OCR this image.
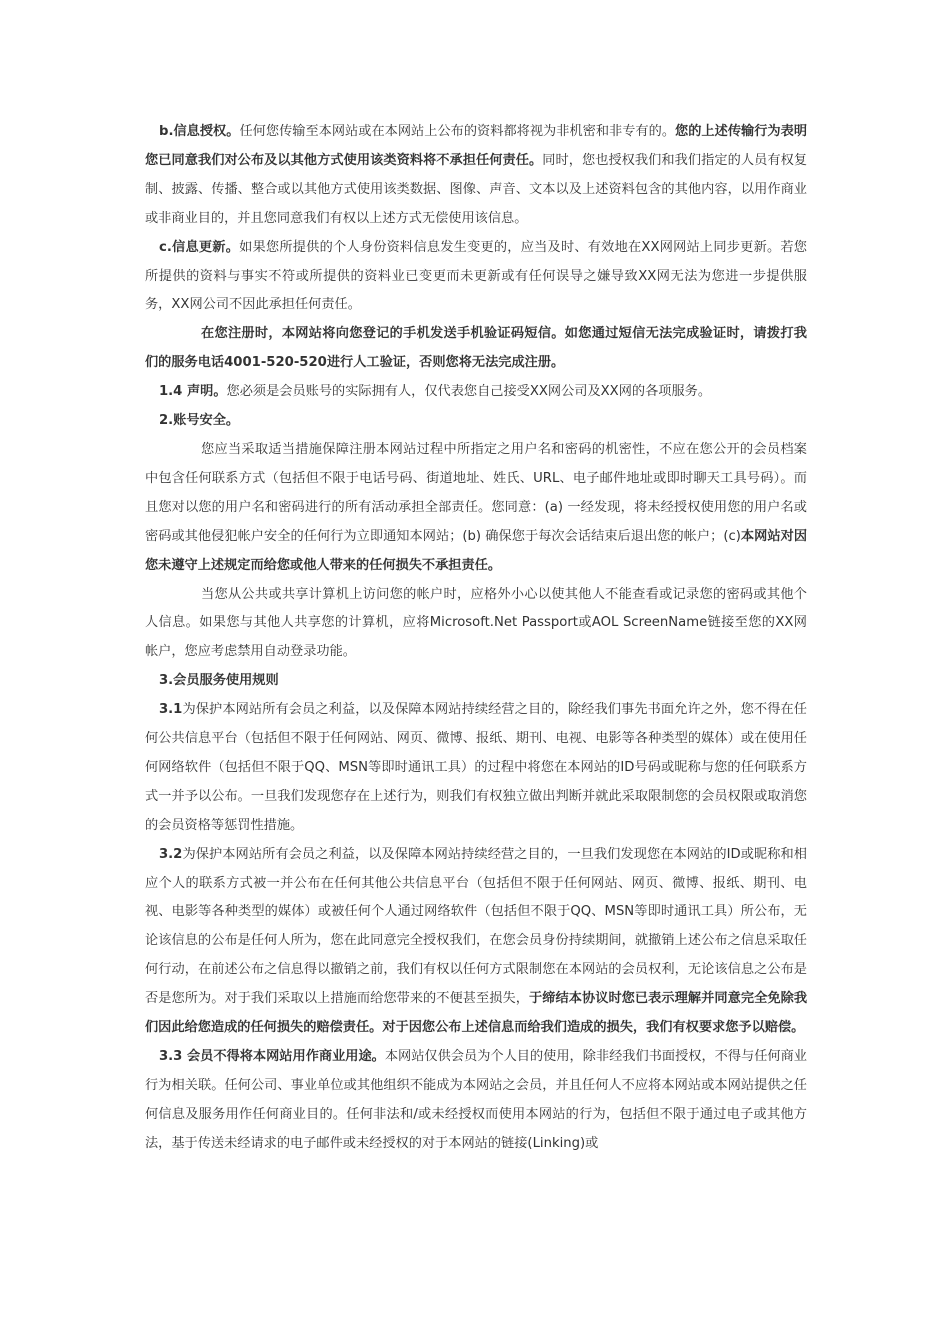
b.信息授权。任何您传输至本网站或在本网站上公布的资料都将视为非机密和非专有的。您的上述传输行为表明您已同意我们对公布及以其他方式使用该类资料将不承担任何责任。同时，您也授权我们和我们指定的人员有权复制、披露、传播、整合或以其他方式使用该类数据、图像、声音、文本以及上述资料包含的其他内容，以用作商业或非商业目的，并且您同意我们有权以上述方式无偿使用该信息。

c.信息更新。如果您所提供的个人身份资料信息发生变更的，应当及时、有效地在XX网网站上同步更新。若您所提供的资料与事实不符或所提供的资料业已变更而未更新或有任何误导之嫌导致XX网无法为您进一步提供服务，XX网公司不因此承担任何责任。

在您注册时，本网站将向您登记的手机发送手机验证码短信。如您通过短信无法完成验证时，请拨打我们的服务电话4001-520-520进行人工验证，否则您将无法完成注册。

1.4 声明。您必须是会员账号的实际拥有人，仅代表您自己接受XX网公司及XX网的各项服务。

2.账号安全。

您应当采取适当措施保障注册本网站过程中所指定之用户名和密码的机密性，不应在您公开的会员档案中包含任何联系方式（包括但不限于电话号码、街道地址、姓氏、URL、电子邮件地址或即时聊天工具号码）。而且您对以您的用户名和密码进行的所有活动承担全部责任。您同意：(a) 一经发现，将未经授权使用您的用户名或密码或其他侵犯帐户安全的任何行为立即通知本网站；(b) 确保您于每次会话结束后退出您的帐户；(c)本网站对因您未遵守上述规定而给您或他人带来的任何损失不承担责任。

当您从公共或共享计算机上访问您的帐户时，应格外小心以使其他人不能查看或记录您的密码或其他个人信息。如果您与其他人共享您的计算机，应将Microsoft.Net Passport或AOL ScreenName链接至您的XX网帐户，您应考虑禁用自动登录功能。

3.会员服务使用规则

3.1为保护本网站所有会员之利益，以及保障本网站持续经营之目的，除经我们事先书面允许之外，您不得在任何公共信息平台（包括但不限于任何网站、网页、微博、报纸、期刊、电视、电影等各种类型的媒体）或在使用任何网络软件（包括但不限于QQ、MSN等即时通讯工具）的过程中将您在本网站的ID号码或昵称与您的任何联系方式一并予以公布。一旦我们发现您存在上述行为，则我们有权独立做出判断并就此采取限制您的会员权限或取消您的会员资格等惩罚性措施。

3.2为保护本网站所有会员之利益，以及保障本网站持续经营之目的，一旦我们发现您在本网站的ID或昵称和相应个人的联系方式被一并公布在任何其他公共信息平台（包括但不限于任何网站、网页、微博、报纸、期刊、电视、电影等各种类型的媒体）或被任何个人通过网络软件（包括但不限于QQ、MSN等即时通讯工具）所公布，无论该信息的公布是任何人所为，您在此同意完全授权我们，在您会员身份持续期间，就撤销上述公布之信息采取任何行动，在前述公布之信息得以撤销之前，我们有权以任何方式限制您在本网站的会员权利，无论该信息之公布是否是您所为。对于我们采取以上措施而给您带来的不便甚至损失，于缔结本协议时您已表示理解并同意完全免除我们因此给您造成的任何损失的赔偿责任。对于因您公布上述信息而给我们造成的损失，我们有权要求您予以赔偿。

3.3 会员不得将本网站用作商业用途。本网站仅供会员为个人目的使用，除非经我们书面授权，不得与任何商业行为相关联。任何公司、事业单位或其他组织不能成为本网站之会员，并且任何人不应将本网站或本网站提供之任何信息及服务用作任何商业目的。任何非法和/或未经授权而使用本网站的行为，包括但不限于通过电子或其他方法，基于传送未经请求的电子邮件或未经授权的对于本网站的链接(Linking)或
